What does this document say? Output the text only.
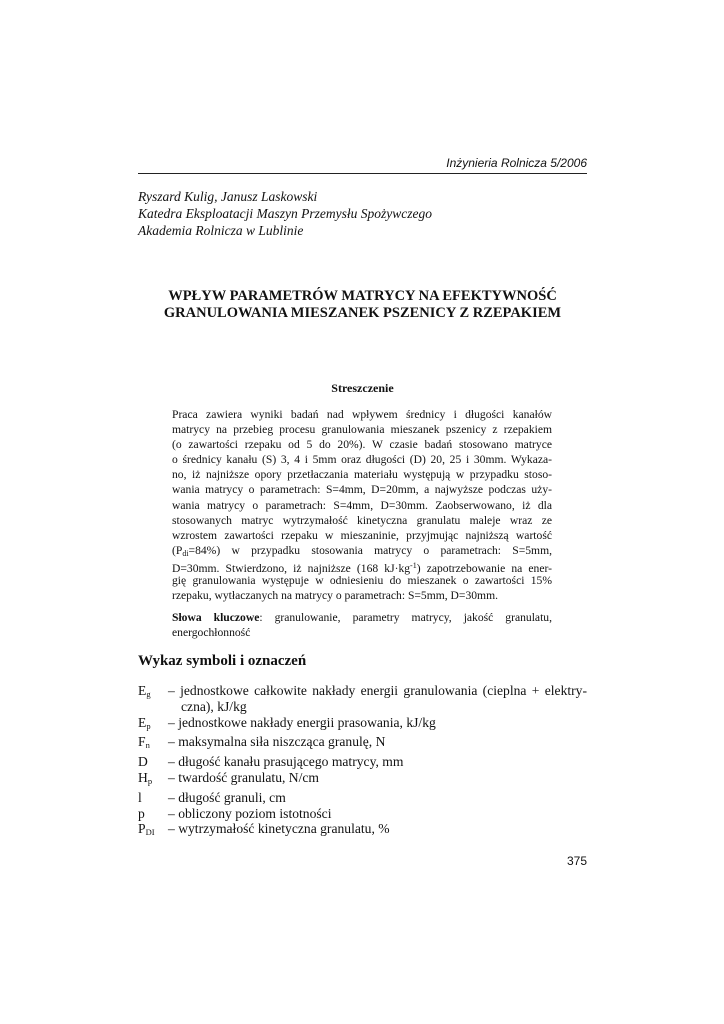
Inżynieria Rolnicza 5/2006
Ryszard Kulig, Janusz Laskowski
Katedra Eksploatacji Maszyn Przemysłu Spożywczego
Akademia Rolnicza w Lublinie
WPŁYW PARAMETRÓW MATRYCY NA EFEKTYWNOŚĆ
GRANULOWANIA MIESZANEK PSZENICY Z RZEPAKIEM
Streszczenie
Praca zawiera wyniki badań nad wpływem średnicy i długości kanałów
matrycy na przebieg procesu granulowania mieszanek pszenicy z rzepakiem
(o zawartości rzepaku od 5 do 20%). W czasie badań stosowano matryce
o średnicy kanału (S) 3, 4 i 5mm oraz długości (D) 20, 25 i 30mm. Wykaza-
no, iż najniższe opory przetłaczania materiału występują w przypadku stoso-
wania matrycy o parametrach: S=4mm, D=20mm, a najwyższe podczas uży-
wania matrycy o parametrach: S=4mm, D=30mm. Zaobserwowano, iż dla
stosowanych matryc wytrzymałość kinetyczna granulatu maleje wraz ze
wzrostem zawartości rzepaku w mieszaninie, przyjmując najniższą wartość
$(P_{di}=84\%)$ w przypadku stosowania matrycy o parametrach: S=5mm,
D=30mm. Stwierdzono, iż najniższe (168 $kJ\cdot kg^{-1}$) zapotrzebowanie na ener-
gię granulowania występuje w odniesieniu do mieszanek o zawartości 15%
rzepaku, wytłaczanych na matrycy o parametrach: S=5mm, D=30mm.
Słowa kluczowe: granulowanie, parametry matrycy, jakość granulatu,
energochłonność
Wykaz symboli i oznaczeń
$E_g$	– jednostkowe całkowite nakłady energii granulowania (cieplna + elektry-
czna), kJ/kg
$E_p$	– jednostkowe nakłady energii prasowania, kJ/kg
$F_n$	– maksymalna siła niszcząca granulę, N
D	– długość kanału prasującego matrycy, mm
$H_p$	– twardość granulatu, N/cm
l	– długość granuli, cm
p	– obliczony poziom istotności
$P_{DI}$ – wytrzymałość kinetyczna granulatu, %
375
